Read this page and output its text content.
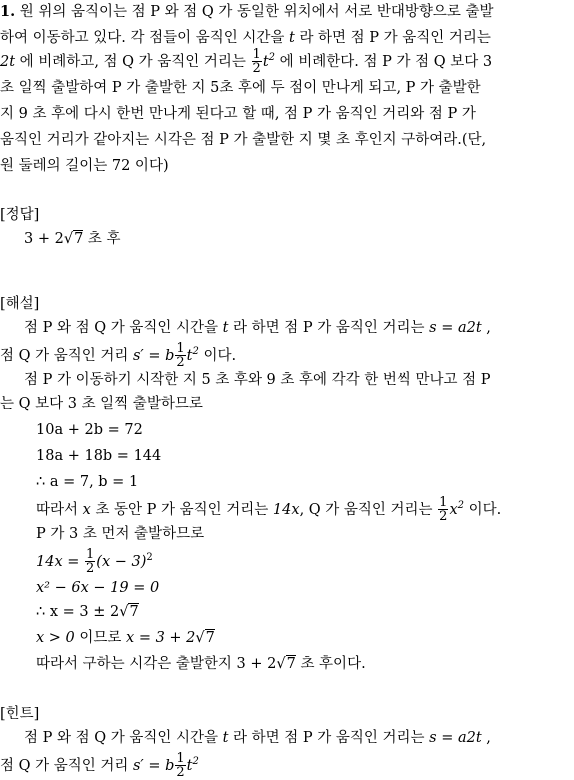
1. 원 위의 움직이는 점 P 와 점 Q 가 동일한 위치에서 서로 반대방향으로 출발
하여 이동하고 있다. 각 점들이 움직인 시간을 t 라 하면 점 P 가 움직인 거리는
2t 에 비례하고, 점 Q 가 움직인 거리는 $\frac{1}{2} t^2$ 에 비례한다. 점 P 가 점 Q 보다 3
초 일찍 출발하여 P 가 출발한 지 5초 후에 두 점이 만나게 되고, P 가 출발한
지 9 초 후에 다시 한번 만나게 된다고 할 때, 점 P 가 움직인 거리와 점 P 가
움직인 거리가 같아지는 시각은 점 P 가 출발한 지 몇 초 후인지 구하여라.(단,
원 둘레의 길이는 72 이다)
[정답]
3 + 2√7 초 후
[해설]
점 P 와 점 Q 가 움직인 시간을 t 라 하면 점 P 가 움직인 거리는 s = a2t ,
점 Q 가 움직인 거리 s′ = b $\frac{1}{2} t^2$ 이다.
점 P 가 이동하기 시작한 지 5 초 후와 9 초 후에 각각 한 번씩 만나고 점 P
는 Q 보다 3 초 일찍 출발하므로
10a + 2b = 72
18a + 18b = 144
∴ a = 7, b = 1
따라서 x 초 동안 P 가 움직인 거리는 14x, Q 가 움직인 거리는 $\frac{1}{2} x^2$ 이다.
P 가 3 초 먼저 출발하므로
$14x = \frac{1}{2} (x - 3)^2$
x² − 6x − 19 = 0
∴ x = 3 ± 2√7
x > 0 이므로 x = 3 + 2√7
따라서 구하는 시각은 출발한지 3 + 2√7 초 후이다.
[힌트]
점 P 와 점 Q 가 움직인 시간을 t 라 하면 점 P 가 움직인 거리는 s = a2t ,
점 Q 가 움직인 거리 s′ = b $\frac{1}{2} t^2$
